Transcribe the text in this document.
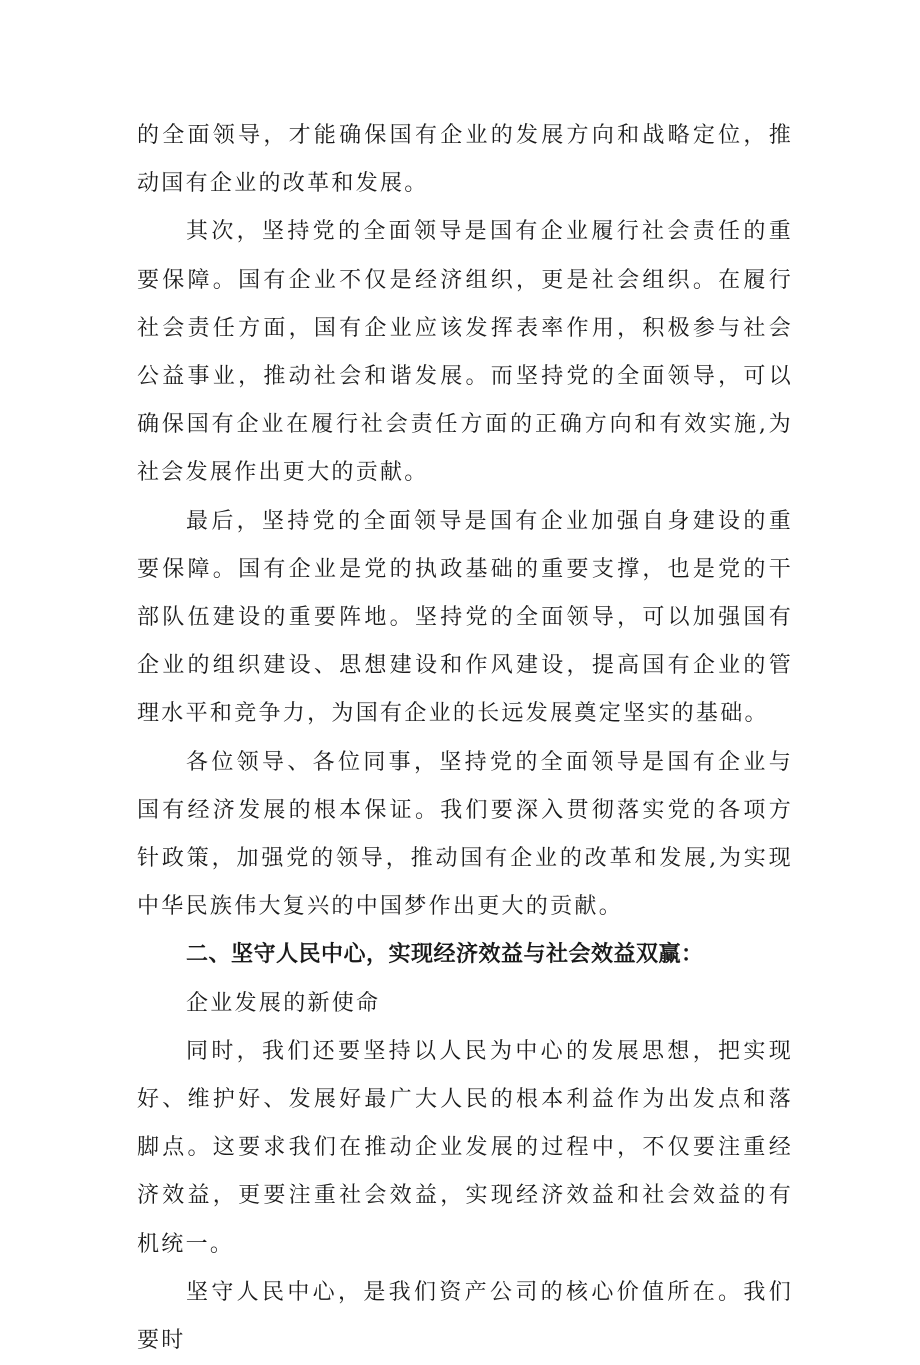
的全面领导，才能确保国有企业的发展方向和战略定位，推动国有企业的改革和发展。

其次，坚持党的全面领导是国有企业履行社会责任的重要保障。国有企业不仅是经济组织，更是社会组织。在履行社会责任方面，国有企业应该发挥表率作用，积极参与社会公益事业，推动社会和谐发展。而坚持党的全面领导，可以确保国有企业在履行社会责任方面的正确方向和有效实施,为社会发展作出更大的贡献。

最后，坚持党的全面领导是国有企业加强自身建设的重要保障。国有企业是党的执政基础的重要支撑，也是党的干部队伍建设的重要阵地。坚持党的全面领导，可以加强国有企业的组织建设、思想建设和作风建设，提高国有企业的管理水平和竞争力，为国有企业的长远发展奠定坚实的基础。

各位领导、各位同事，坚持党的全面领导是国有企业与国有经济发展的根本保证。我们要深入贯彻落实党的各项方针政策，加强党的领导，推动国有企业的改革和发展,为实现中华民族伟大复兴的中国梦作出更大的贡献。

二、坚守人民中心，实现经济效益与社会效益双赢：

企业发展的新使命

同时，我们还要坚持以人民为中心的发展思想，把实现好、维护好、发展好最广大人民的根本利益作为出发点和落脚点。这要求我们在推动企业发展的过程中，不仅要注重经济效益，更要注重社会效益，实现经济效益和社会效益的有机统一。

坚守人民中心，是我们资产公司的核心价值所在。我们要时
